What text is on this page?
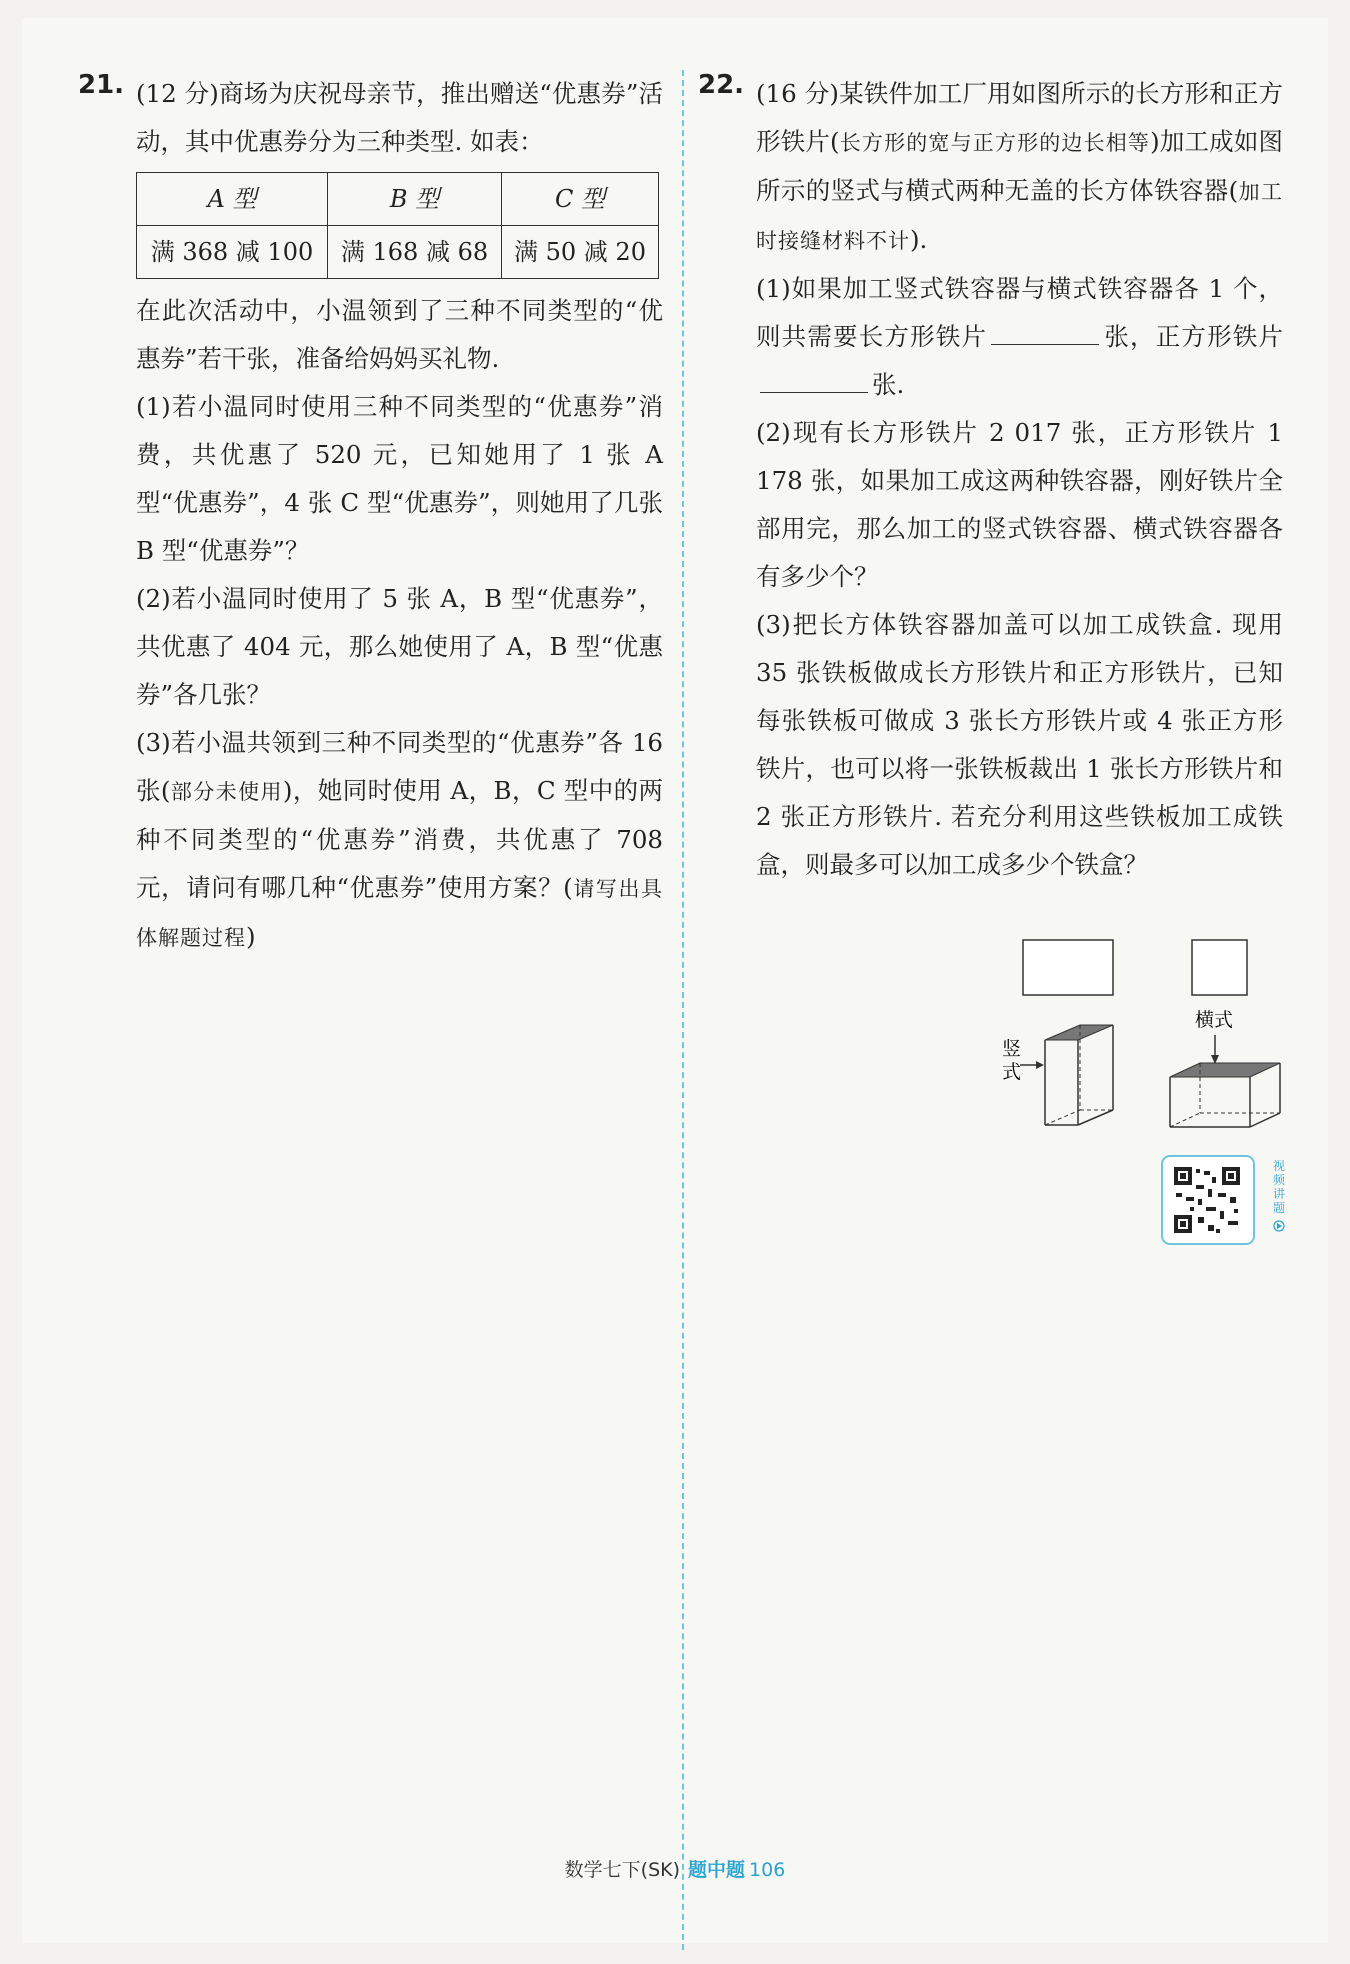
21. (12 分)商场为庆祝母亲节，推出赠送“优惠券”活动，其中优惠券分为三种类型. 如表：

A 型	B 型	C 型
满 368 减 100	满 168 减 68	满 50 减 20

在此次活动中，小温领到了三种不同类型的“优惠券”若干张，准备给妈妈买礼物.

(1)若小温同时使用三种不同类型的“优惠券”消费，共优惠了 520 元，已知她用了 1 张 A 型“优惠券”，4 张 C 型“优惠券”，则她用了几张 B 型“优惠券”？

(2)若小温同时使用了 5 张 A，B 型“优惠券”，共优惠了 404 元，那么她使用了 A，B 型“优惠券”各几张？

(3)若小温共领到三种不同类型的“优惠券”各 16 张(部分未使用)，她同时使用 A，B，C 型中的两种不同类型的“优惠券”消费，共优惠了 708 元，请问有哪几种“优惠券”使用方案？(请写出具体解题过程)

22. (16 分)某铁件加工厂用如图所示的长方形和正方形铁片(长方形的宽与正方形的边长相等)加工成如图所示的竖式与横式两种无盖的长方体铁容器(加工时接缝材料不计).

(1)如果加工竖式铁容器与横式铁容器各 1 个，则共需要长方形铁片	张，正方形铁片张.

(2)现有长方形铁片 2 017 张，正方形铁片 1 178 张，如果加工成这两种铁容器，刚好铁片全部用完，那么加工的竖式铁容器、横式铁容器各有多少个？

(3)把长方体铁容器加盖可以加工成铁盒. 现用 35 张铁板做成长方形铁片和正方形铁片，已知每张铁板可做成 3 张长方形铁片或 4 张正方形铁片，也可以将一张铁板裁出 1 张长方形铁片和 2 张正方形铁片. 若充分利用这些铁板加工成铁盒，则最多可以加工成多少个铁盒？

竖
式
横式
视
频
讲
题
数学七下(SK) 题中题 106
